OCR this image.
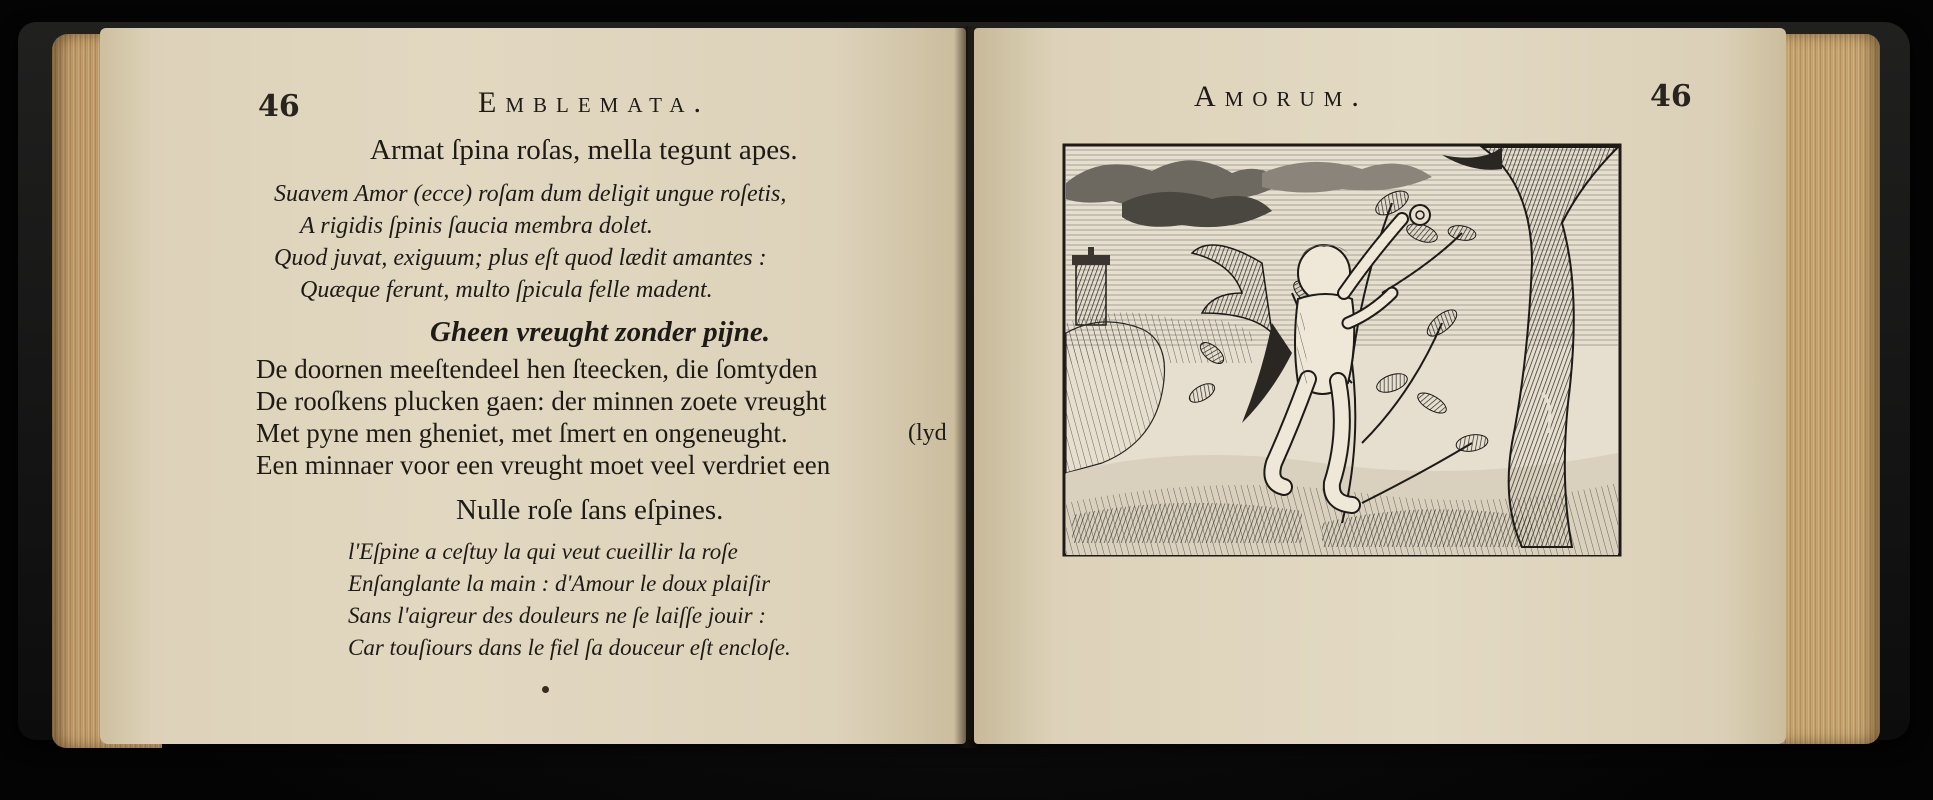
46	Emblemata.

Armat ſpina roſas, mella tegunt apes.

Suavem Amor (ecce) roſam dum deligit ungue roſetis,

A rigidis ſpinis ſaucia membra dolet.

Quod juvat, exiguum; plus eſt quod lædit amantes :

Quæque ferunt, multo ſpicula felle madent.

Gheen vreught zonder pijne.

De doornen meeſtendeel hen ſteecken, die ſomtyden

De rooſkens plucken gaen: der minnen zoete vreught

Met pyne men gheniet, met ſmert en ongeneught.	(lyd

Een minnaer voor een vreught moet veel verdriet een

Nulle roſe ſans eſpines.

l'Eſpine a ceſtuy la qui veut cueillir la roſe

Enſanglante la main : d'Amour le doux plaiſir

Sans l'aigreur des douleurs ne ſe laiſſe jouir :

Car touſiours dans le fiel ſa douceur eſt encloſe.

Amorum.	46
